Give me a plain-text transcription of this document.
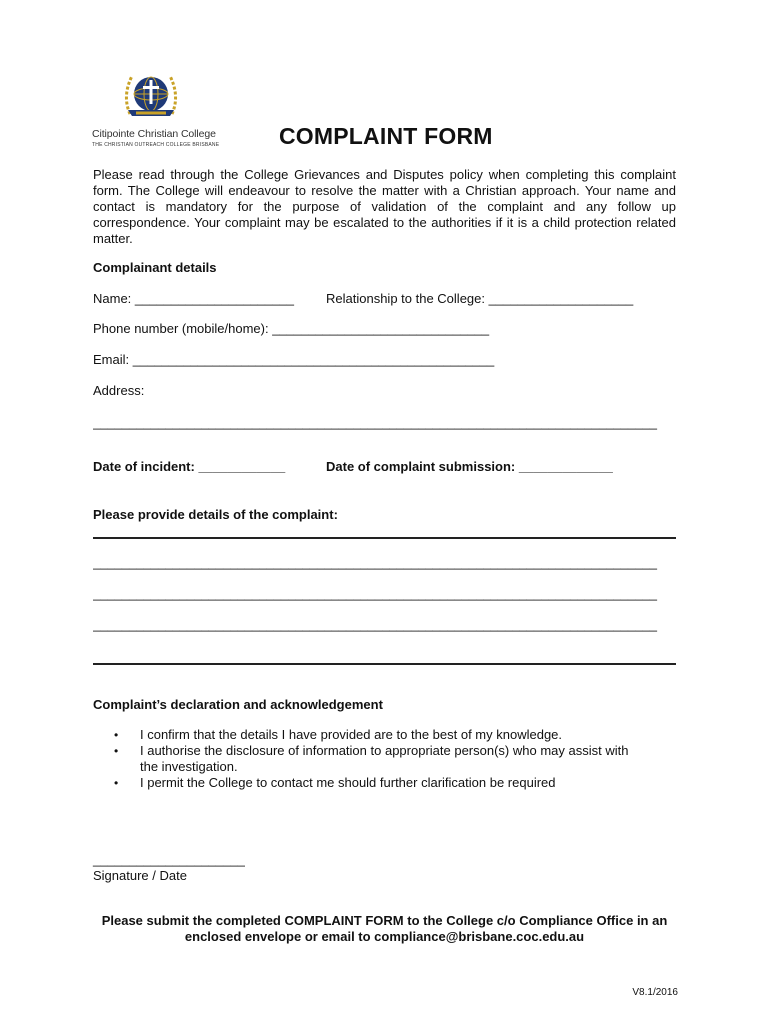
Citipointe Christian College
THE CHRISTIAN OUTREACH COLLEGE BRISBANE	COMPLAINT FORM

Please read through the College Grievances and Disputes policy when completing this complaint form. The College will endeavour to resolve the matter with a Christian approach. Your name and contact is mandatory for the purpose of validation of the complaint and any follow up correspondence. Your complaint may be escalated to the authorities if it is a child protection related matter.

Complainant details
Name: ______________________ Relationship to the College: ____________________
Phone number (mobile/home): ______________________________
Email: __________________________________________________
Address:
______________________________________________________________________________
Date of incident: ____________	Date of complaint submission: _____________
Please provide details of the complaint:
______________________________________________________________________________
______________________________________________________________________________
______________________________________________________________________________
Complaint’s declaration and acknowledgement
• I confirm that the details I have provided are to the best of my knowledge.
• I authorise the disclosure of information to appropriate person(s) who may assist with the investigation.
• I permit the College to contact me should further clarification be required
_____________________
Signature / Date
Please submit the completed COMPLAINT FORM to the College c/o Compliance Office in an enclosed envelope or email to compliance@brisbane.coc.edu.au
V8.1/2016
